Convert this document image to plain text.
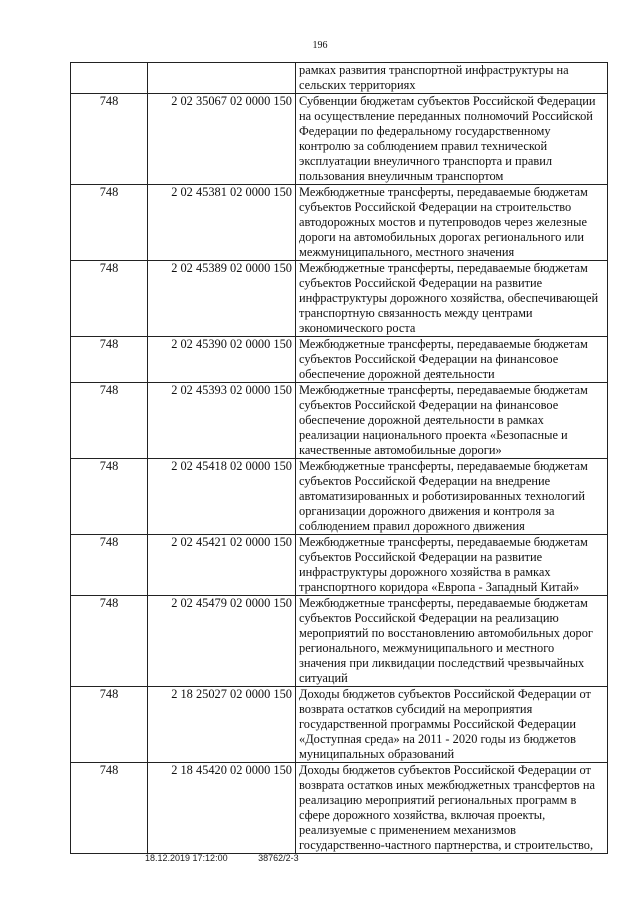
196
		рамках развития транспортной инфраструктуры на сельских территориях
748	2 02 35067 02 0000 150	Субвенции бюджетам субъектов Российской Федерации на осуществление переданных полномочий Российской Федерации по федеральному государственному контролю за соблюдением правил технической эксплуатации внеуличного транспорта и правил пользования внеуличным транспортом
748	2 02 45381 02 0000 150	Межбюджетные трансферты, передаваемые бюджетам субъектов Российской Федерации на строительство автодорожных мостов и путепроводов через железные дороги на автомобильных дорогах регионального или межмуниципального, местного значения
748	2 02 45389 02 0000 150	Межбюджетные трансферты, передаваемые бюджетам субъектов Российской Федерации на развитие инфраструктуры дорожного хозяйства, обеспечивающей транспортную связанность между центрами экономического роста
748	2 02 45390 02 0000 150	Межбюджетные трансферты, передаваемые бюджетам субъектов Российской Федерации на финансовое обеспечение дорожной деятельности
748	2 02 45393 02 0000 150	Межбюджетные трансферты, передаваемые бюджетам субъектов Российской Федерации на финансовое обеспечение дорожной деятельности в рамках реализации национального проекта «Безопасные и качественные автомобильные дороги»
748	2 02 45418 02 0000 150	Межбюджетные трансферты, передаваемые бюджетам субъектов Российской Федерации на внедрение автоматизированных и роботизированных технологий организации дорожного движения и контроля за соблюдением правил дорожного движения
748	2 02 45421 02 0000 150	Межбюджетные трансферты, передаваемые бюджетам субъектов Российской Федерации на развитие инфраструктуры дорожного хозяйства в рамках транспортного коридора «Европа - Западный Китай»
748	2 02 45479 02 0000 150	Межбюджетные трансферты, передаваемые бюджетам субъектов Российской Федерации на реализацию мероприятий по восстановлению автомобильных дорог регионального, межмуниципального и местного значения при ликвидации последствий чрезвычайных ситуаций
748	2 18 25027 02 0000 150	Доходы бюджетов субъектов Российской Федерации от возврата остатков субсидий на мероприятия государственной программы Российской Федерации «Доступная среда» на 2011 - 2020 годы из бюджетов муниципальных образований
748	2 18 45420 02 0000 150	Доходы бюджетов субъектов Российской Федерации от возврата остатков иных межбюджетных трансфертов на реализацию мероприятий региональных программ в сфере дорожного хозяйства, включая проекты, реализуемые с применением механизмов государственно-частного партнерства, и строительство,
18.12.2019 17:12:00	38762/2-3
